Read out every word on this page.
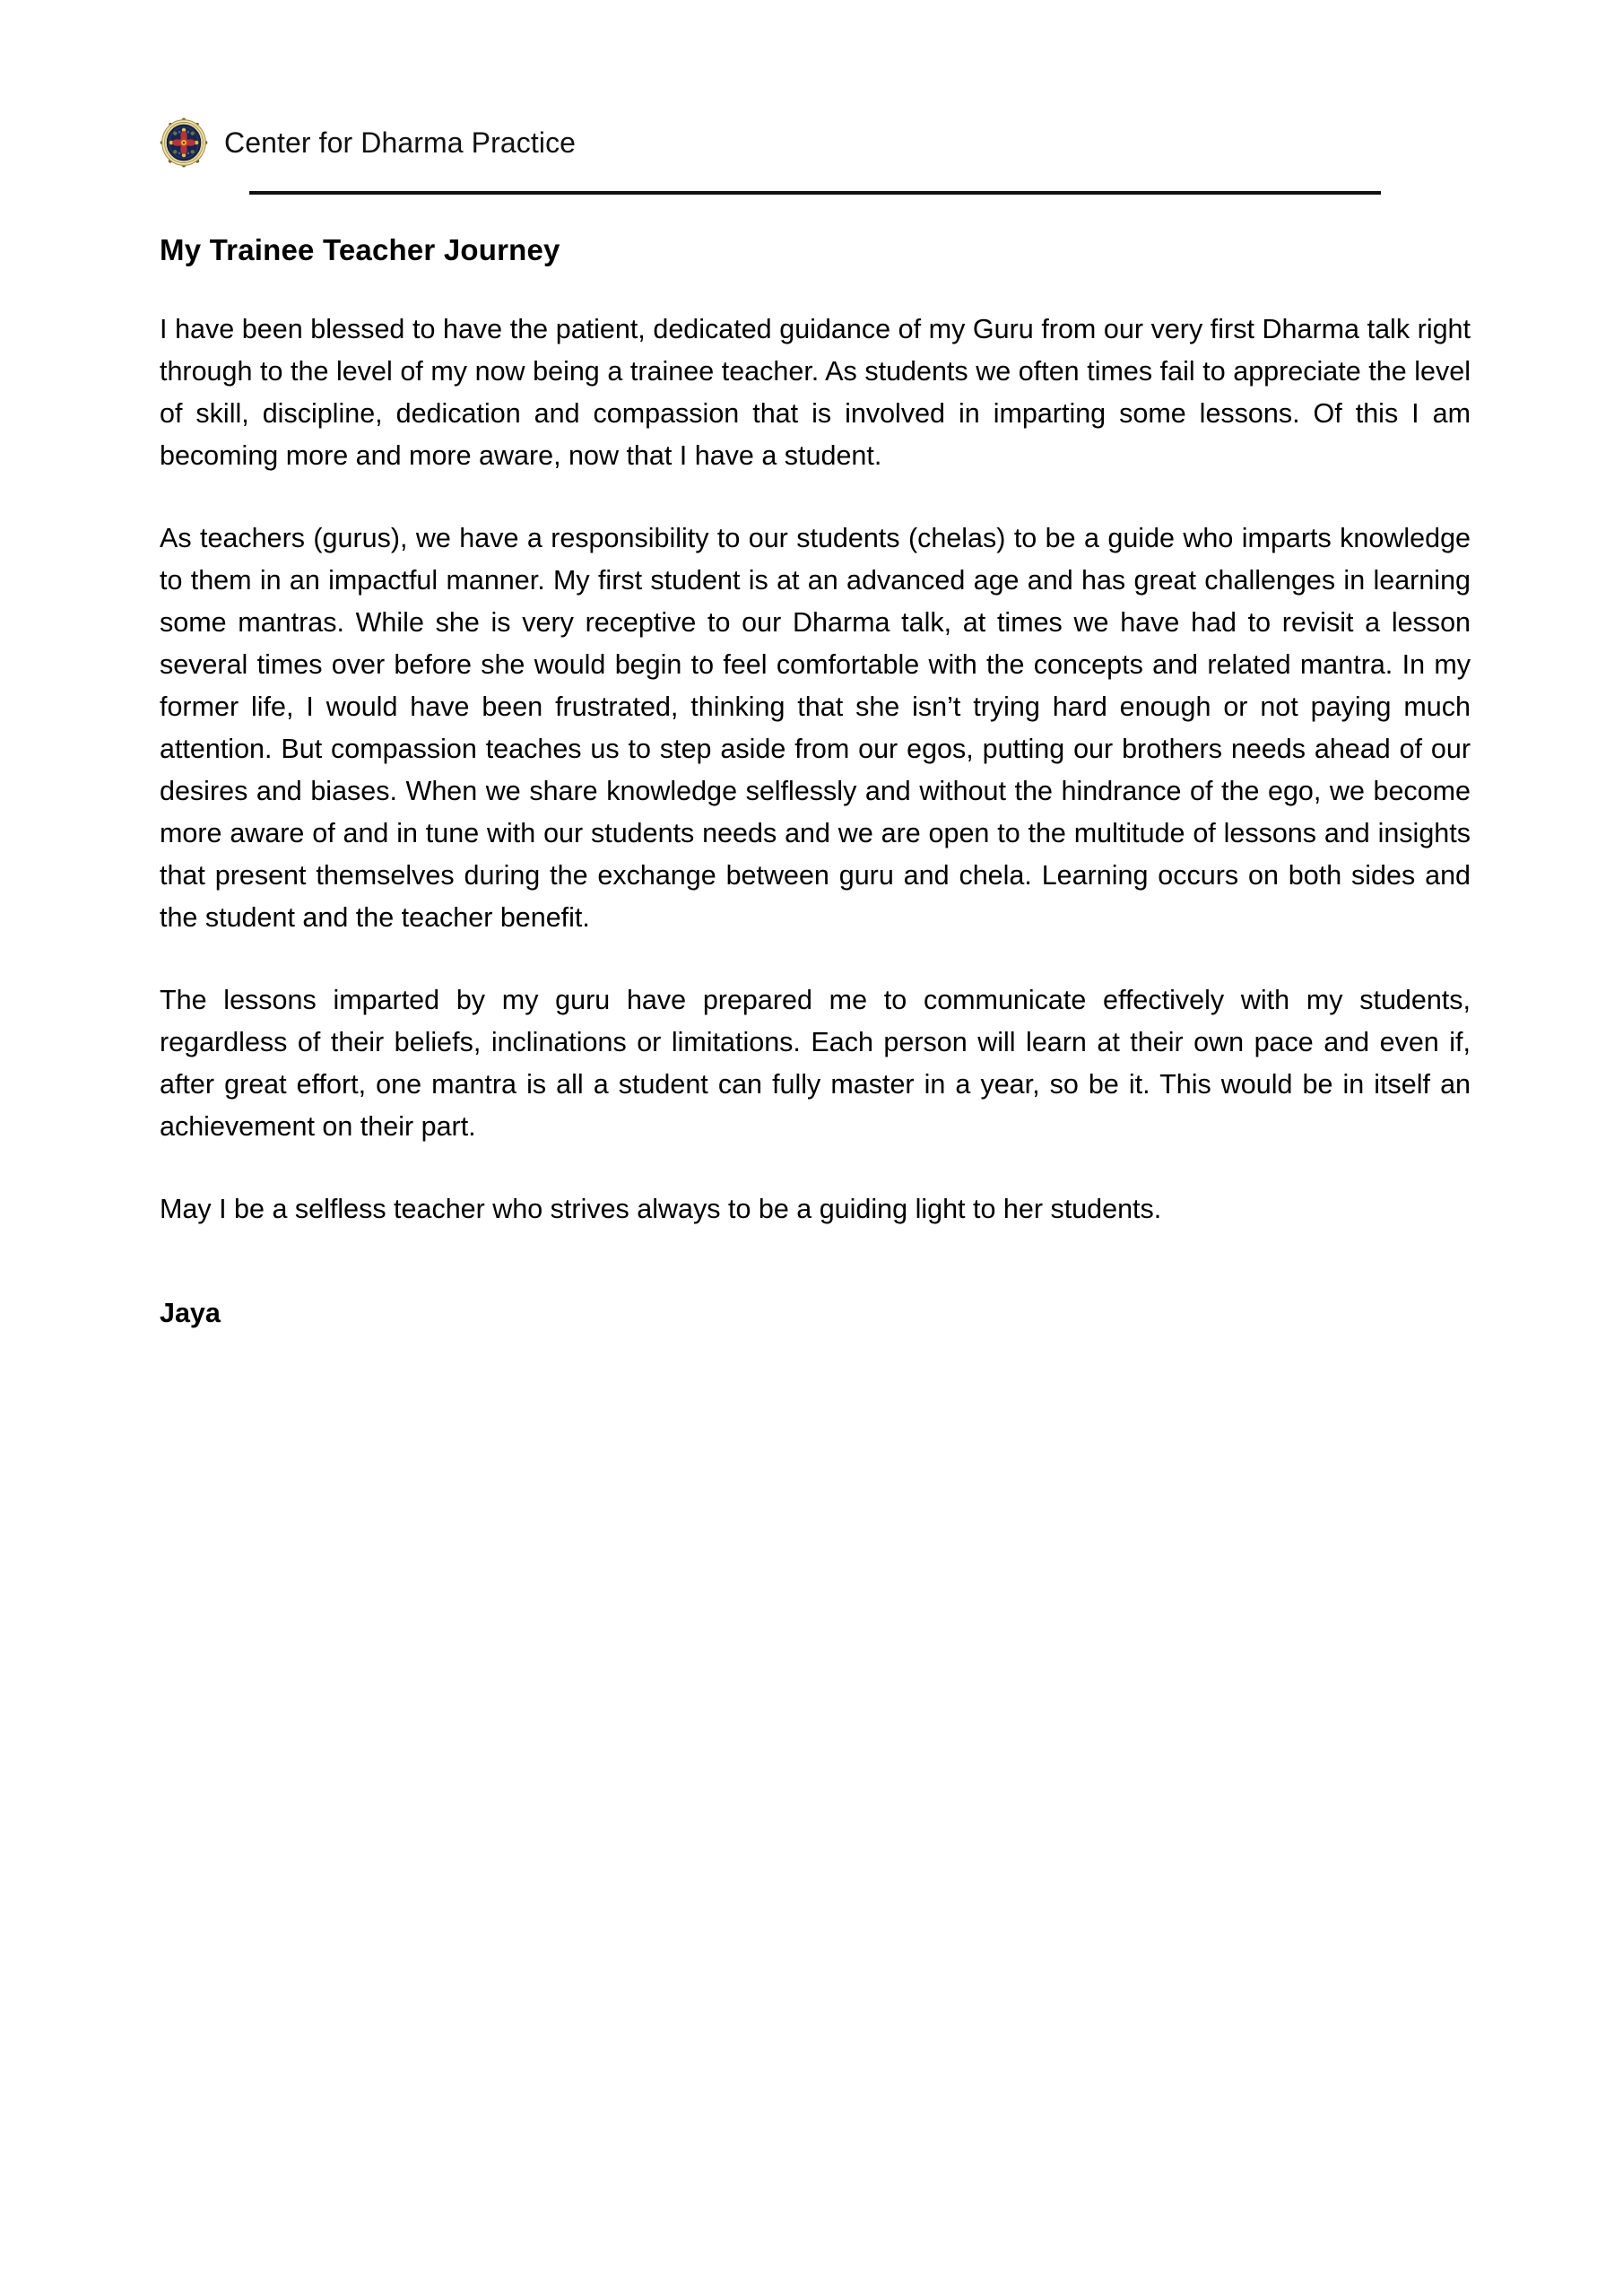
Center for Dharma Practice
My Trainee Teacher Journey

I have been blessed to have the patient, dedicated guidance of my Guru from our very first Dharma talk right through to the level of my now being a trainee teacher. As students we often times fail to appreciate the level of skill, discipline, dedication and compassion that is involved in imparting some lessons. Of this I am becoming more and more aware, now that I have a student.

As teachers (gurus), we have a responsibility to our students (chelas) to be a guide who imparts knowledge to them in an impactful manner. My first student is at an advanced age and has great challenges in learning some mantras. While she is very receptive to our Dharma talk, at times we have had to revisit a lesson several times over before she would begin to feel comfortable with the concepts and related mantra. In my former life, I would have been frustrated, thinking that she isn’t trying hard enough or not paying much attention. But compassion teaches us to step aside from our egos, putting our brothers needs ahead of our desires and biases. When we share knowledge selflessly and without the hindrance of the ego, we become more aware of and in tune with our students needs and we are open to the multitude of lessons and insights that present themselves during the exchange between guru and chela. Learning occurs on both sides and the student and the teacher benefit.

The lessons imparted by my guru have prepared me to communicate effectively with my students, regardless of their beliefs, inclinations or limitations. Each person will learn at their own pace and even if, after great effort, one mantra is all a student can fully master in a year, so be it. This would be in itself an achievement on their part.

May I be a selfless teacher who strives always to be a guiding light to her students.

Jaya
